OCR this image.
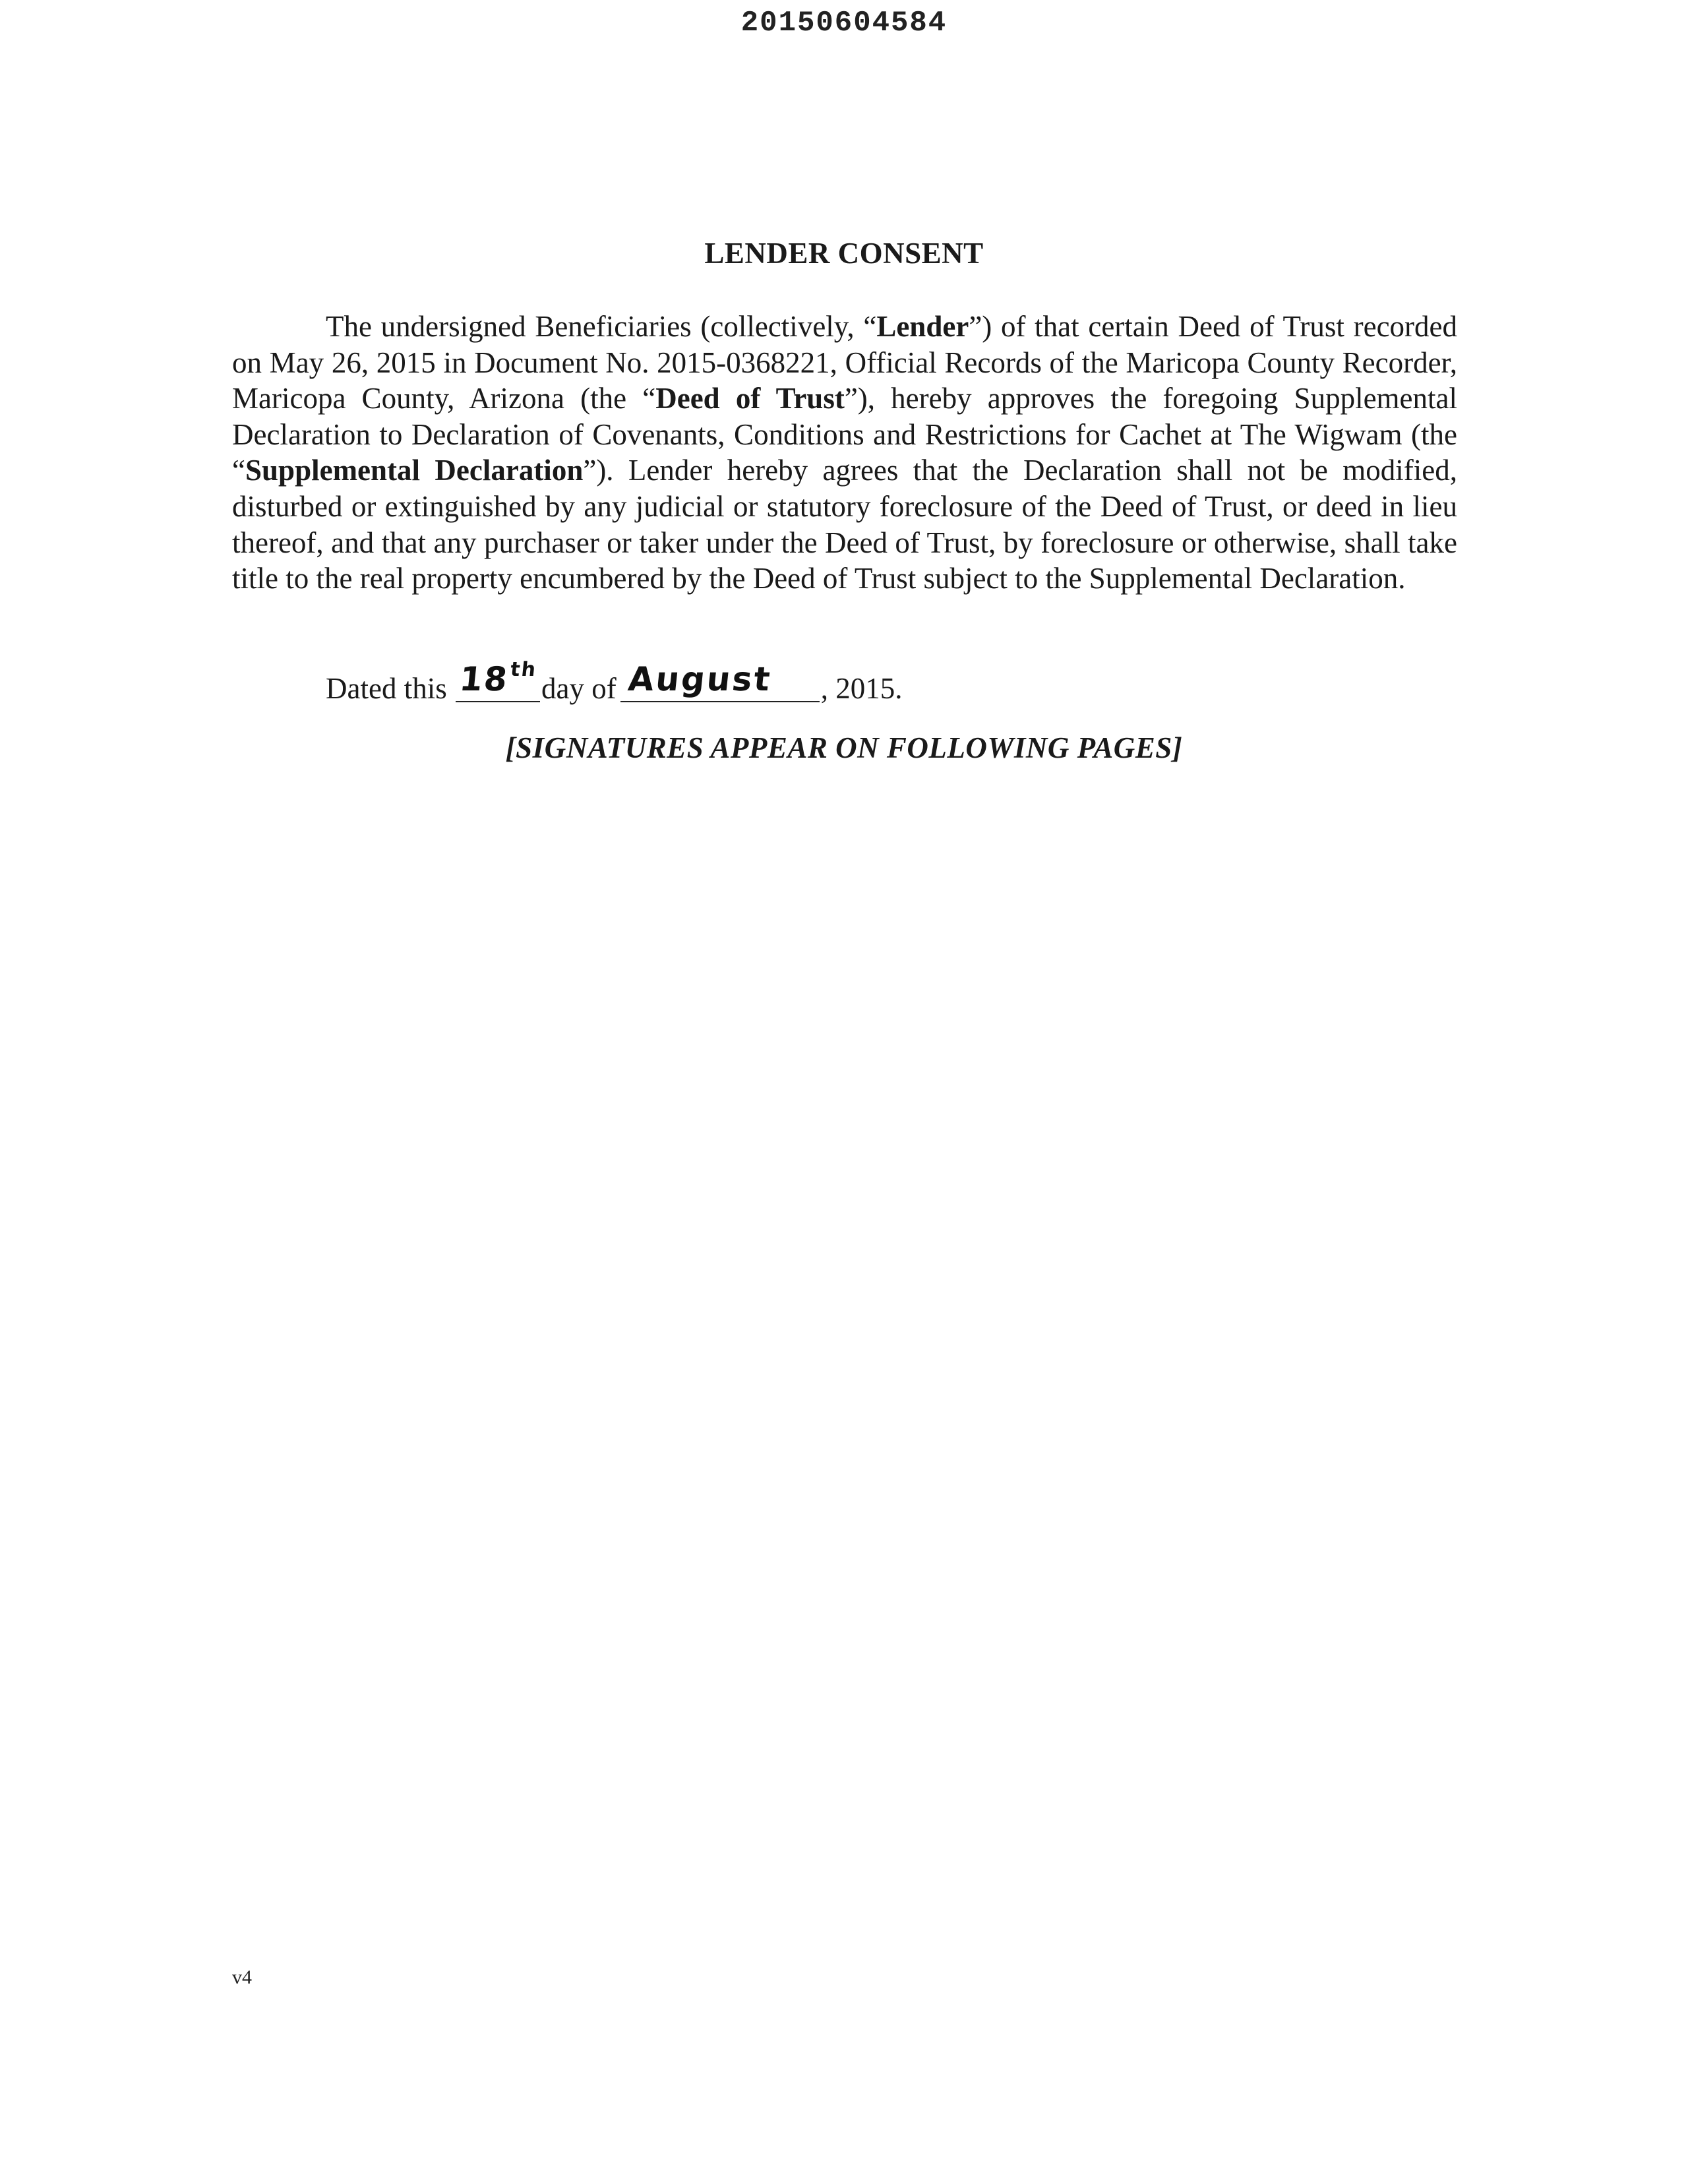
20150604584
LENDER CONSENT

The undersigned Beneficiaries (collectively, “Lender”) of that certain Deed of Trust recorded on May 26, 2015 in Document No. 2015-0368221, Official Records of the Maricopa County Recorder, Maricopa County, Arizona (the “Deed of Trust”), hereby approves the foregoing Supplemental Declaration to Declaration of Covenants, Conditions and Restrictions for Cachet at The Wigwam (the “Supplemental Declaration”). Lender hereby agrees that the Declaration shall not be modified, disturbed or extinguished by any judicial or statutory foreclosure of the Deed of Trust, or deed in lieu thereof, and that any purchaser or taker under the Deed of Trust, by foreclosure or otherwise, shall take title to the real property encumbered by the Deed of Trust subject to the Supplemental Declaration.

Dated this 18th
day of August	, 2015.
[SIGNATURES APPEAR ON FOLLOWING PAGES]
v4
